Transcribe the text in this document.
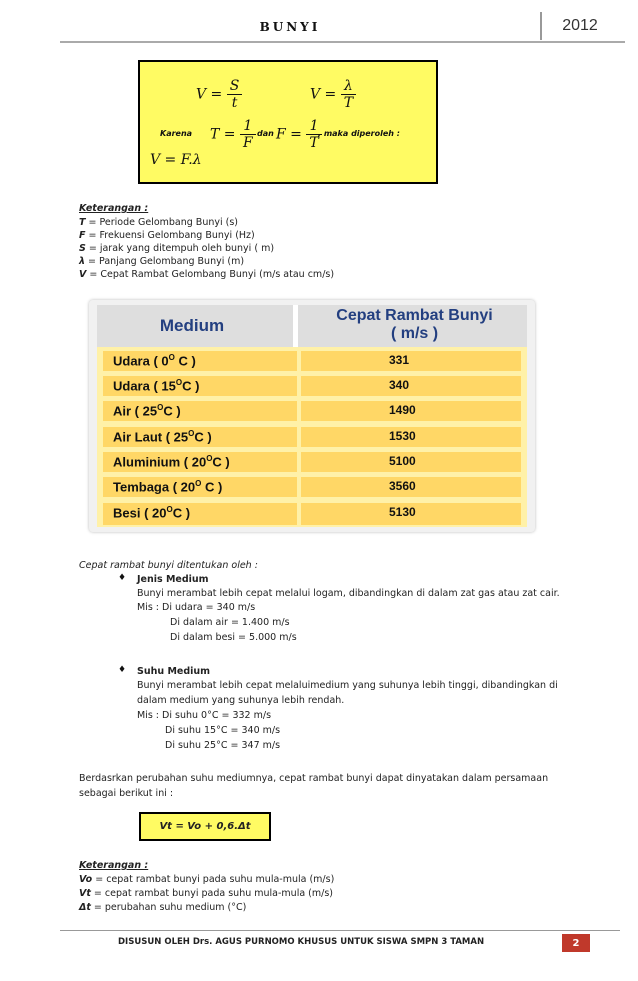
BUNYI	2012
$V = \frac{S}{t}$	$V = \frac{\lambda}{T}$
Karena $T = \frac{1}{F}$ dan $F = \frac{1}{T}$
, maka diperoleh :
V = F.λ
Keterangan :
T = Periode Gelombang Bunyi (s)
F = Frekuensi Gelombang Bunyi (Hz)
S = jarak yang ditempuh oleh bunyi ( m)
λ = Panjang Gelombang Bunyi (m)
V = Cepat Rambat Gelombang Bunyi (m/s atau cm/s)
Medium
Cepat Rambat Bunyi
( m/s )
Udara ( $0^O$ C )	331
Udara ( $15^OC$ )	340
Air ( $25^OC$ )	1490
Air Laut ( $25^OC$ )	1530
Aluminium ( $20^OC$ )	5100
Tembaga ( $20^O$ C )	3560
Besi ( $20^OC$ )	5130
Cepat rambat bunyi ditentukan oleh :
♦ Jenis Medium
Bunyi merambat lebih cepat melalui logam, dibandingkan di dalam zat gas atau zat cair.
Mis : Di udara = 340 m/s
Di dalam air = 1.400 m/s
Di dalam besi = 5.000 m/s
♦ Suhu Medium
Bunyi merambat lebih cepat melaluimedium yang suhunya lebih tinggi, dibandingkan di
dalam medium yang suhunya lebih rendah.
Mis : Di suhu 0°C = 332 m/s
Di suhu 15°C = 340 m/s
Di suhu 25°C = 347 m/s
Berdasrkan perubahan suhu mediumnya, cepat rambat bunyi dapat dinyatakan dalam persamaan
sebagai berikut ini :
Vt = Vo + 0,6.Δt
Keterangan :
Vo = cepat rambat bunyi pada suhu mula-mula (m/s)
Vt = cepat rambat bunyi pada suhu mula-mula (m/s)
Δt = perubahan suhu medium (°C)
DISUSUN OLEH Drs. AGUS PURNOMO KHUSUS UNTUK SISWA SMPN 3 TAMAN	2
